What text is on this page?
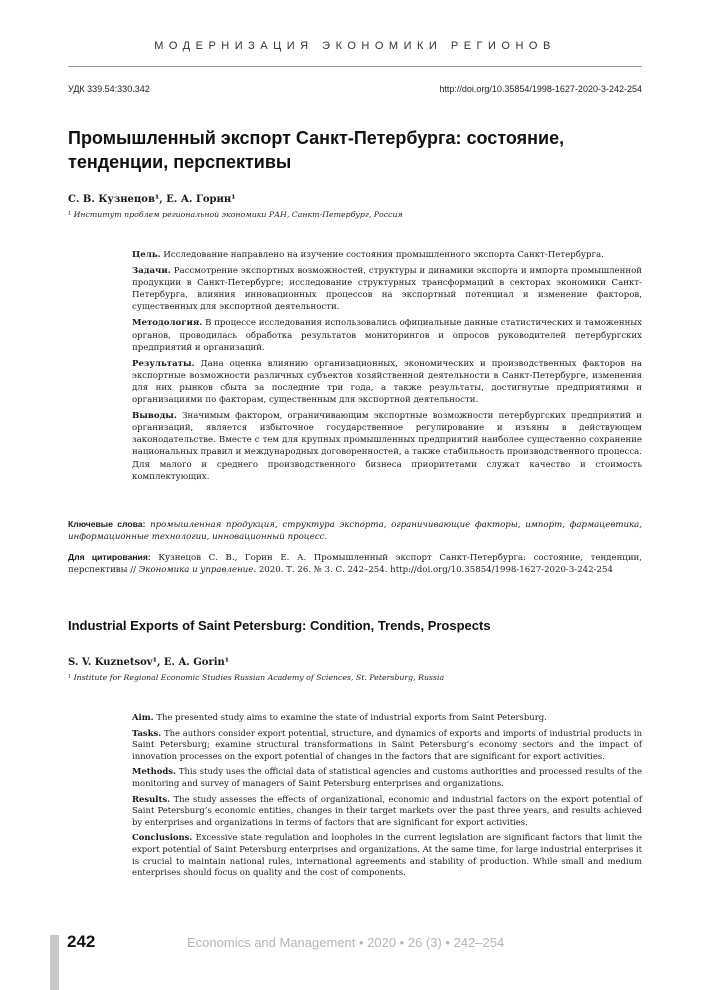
МОДЕРНИЗАЦИЯ ЭКОНОМИКИ РЕГИОНОВ
УДК 339.54:330.342	http://doi.org/10.35854/1998-1627-2020-3-242-254
Промышленный экспорт Санкт-Петербурга: состояние, тенденции, перспективы
С. В. Кузнецов¹, Е. А. Горин¹
¹ Институт проблем региональной экономики РАН, Санкт-Петербург, Россия

Цель. Исследование направлено на изучение состояния промышленного экспорта Санкт-Петербурга.

Задачи. Рассмотрение экспортных возможностей, структуры и динамики экспорта и импорта промышленной продукции в Санкт-Петербурге; исследование структурных трансформаций в секторах экономики Санкт-Петербурга, влияния инновационных процессов на экспортный потенциал и изменение факторов, существенных для экспортной деятельности.

Методология. В процессе исследования использовались официальные данные статистических и таможенных органов, проводилась обработка результатов мониторингов и опросов руководителей петербургских предприятий и организаций.

Результаты. Дана оценка влиянию организационных, экономических и производственных факторов на экспортные возможности различных субъектов хозяйственной деятельности в Санкт-Петербурге, изменения для них рынков сбыта за последние три года, а также результаты, достигнутые предприятиями и организациями по факторам, существенным для экспортной деятельности.

Выводы. Значимым фактором, ограничивающим экспортные возможности петербургских предприятий и организаций, является избыточное государственное регулирование и изъяны в действующем законодательстве. Вместе с тем для крупных промышленных предприятий наиболее существенно сохранение национальных правил и международных договоренностей, а также стабильность производственного процесса. Для малого и среднего производственного бизнеса приоритетами служат качество и стоимость комплектующих.

Ключевые слова: промышленная продукция, структура экспорта, ограничивающие факторы, импорт, фармацевтика, информационные технологии, инновационный процесс.
Для цитирования: Кузнецов С. В., Горин Е. А. Промышленный экспорт Санкт-Петербурга: состояние, тенденции, перспективы // Экономика и управление. 2020. Т. 26. № 3. С. 242–254. http://doi.org/10.35854/1998-1627-2020-3-242-254
Industrial Exports of Saint Petersburg: Condition, Trends, Prospects
S. V. Kuznetsov¹, E. A. Gorin¹
¹ Institute for Regional Economic Studies Russian Academy of Sciences, St. Petersburg, Russia

Aim. The presented study aims to examine the state of industrial exports from Saint Petersburg.

Tasks. The authors consider export potential, structure, and dynamics of exports and imports of industrial products in Saint Petersburg; examine structural transformations in Saint Petersburg’s economy sectors and the impact of innovation processes on the export potential of changes in the factors that are significant for export activities.

Methods. This study uses the official data of statistical agencies and customs authorities and processed results of the monitoring and survey of managers of Saint Petersburg enterprises and organizations.

Results. The study assesses the effects of organizational, economic and industrial factors on the export potential of Saint Petersburg’s economic entities, changes in their target markets over the past three years, and results achieved by enterprises and organizations in terms of factors that are significant for export activities.

Conclusions. Excessive state regulation and loopholes in the current legislation are significant factors that limit the export potential of Saint Petersburg enterprises and organizations. At the same time, for large industrial enterprises it is crucial to maintain national rules, international agreements and stability of production. While small and medium enterprises should focus on quality and the cost of components.

242	Economics and Management • 2020 • 26 (3) • 242–254
